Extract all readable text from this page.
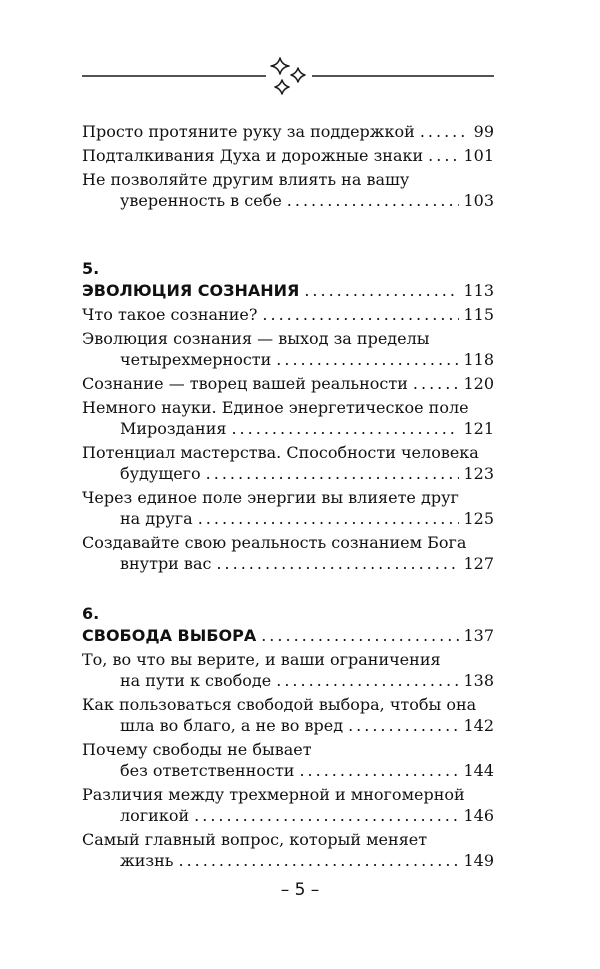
Просто протяните руку за поддержкой .....	99
Подталкивания Духа и дорожные знаки .....	101
Не позволяйте другим влиять на вашу
уверенность в себе .....	103
5.
ЭВОЛЮЦИЯ СОЗНАНИЯ .....	113
Что такое сознание? .....	115
Эволюция сознания — выход за пределы
четырехмерности .....	118
Сознание — творец вашей реальности .....	120
Немного науки. Единое энергетическое поле
Мироздания .....	121
Потенциал мастерства. Способности человека
будущего .....	123
Через единое поле энергии вы влияете друг
на друга .....	125
Создавайте свою реальность сознанием Бога
внутри вас .....	127
6.
СВОБОДА ВЫБОРА .....	137
То, во что вы верите, и ваши ограничения
на пути к свободе .....	138
Как пользоваться свободой выбора, чтобы она
шла во благо, а не во вред .....	142
Почему свободы не бывает
без ответственности .....	144
Различия между трехмерной и многомерной
логикой .....	146
Самый главный вопрос, который меняет
жизнь .....	149
– 5 –
